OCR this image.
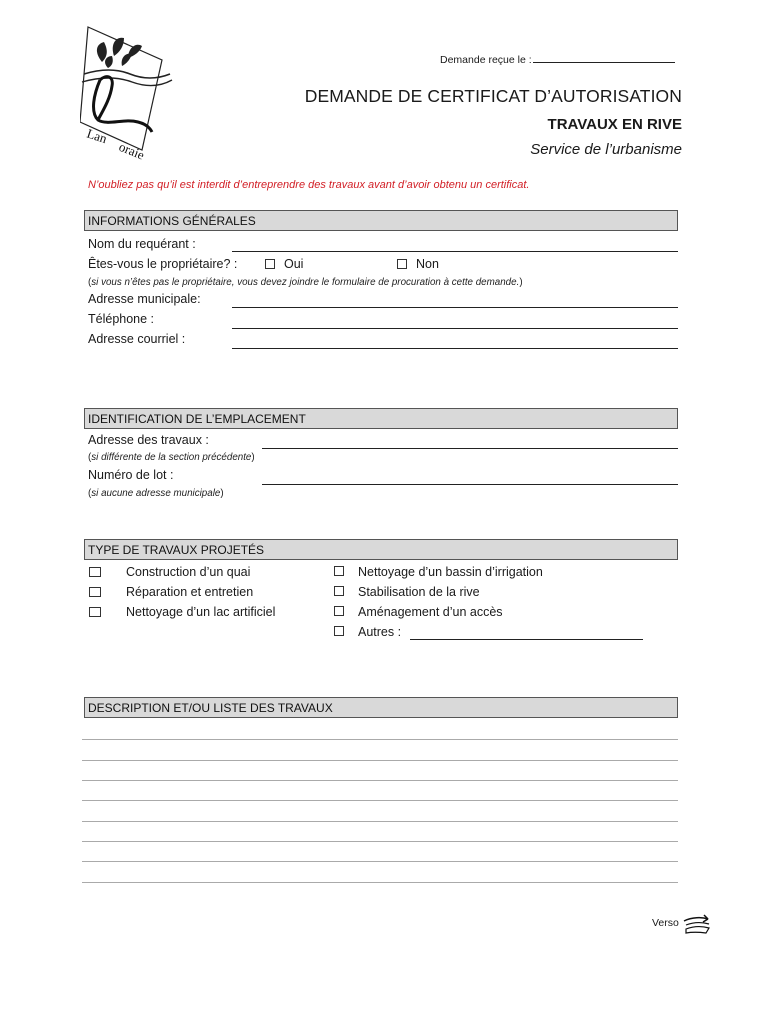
Lan
oraie
Demande reçue le :
DEMANDE DE CERTIFICAT D’AUTORISATION
TRAVAUX EN RIVE
Service de l’urbanisme
N’oubliez pas qu’il est interdit d’entreprendre des travaux avant d’avoir obtenu un certificat.
INFORMATIONS GÉNÉRALES
Nom du requérant :
Êtes-vous le propriétaire? :	Oui	Non
(si vous n’êtes pas le propriétaire, vous devez joindre le formulaire de procuration à cette demande.)
Adresse municipale:
Téléphone :
Adresse courriel :
IDENTIFICATION DE L’EMPLACEMENT
Adresse des travaux :
(si différente de la section précédente)
Numéro de lot :
(si aucune adresse municipale)
TYPE DE TRAVAUX PROJETÉS
Construction d’un quai
Réparation et entretien
Nettoyage d’un lac artificiel
Nettoyage d’un bassin d’irrigation
Stabilisation de la rive
Aménagement d’un accès
Autres :
DESCRIPTION ET/OU LISTE DES TRAVAUX
Verso
